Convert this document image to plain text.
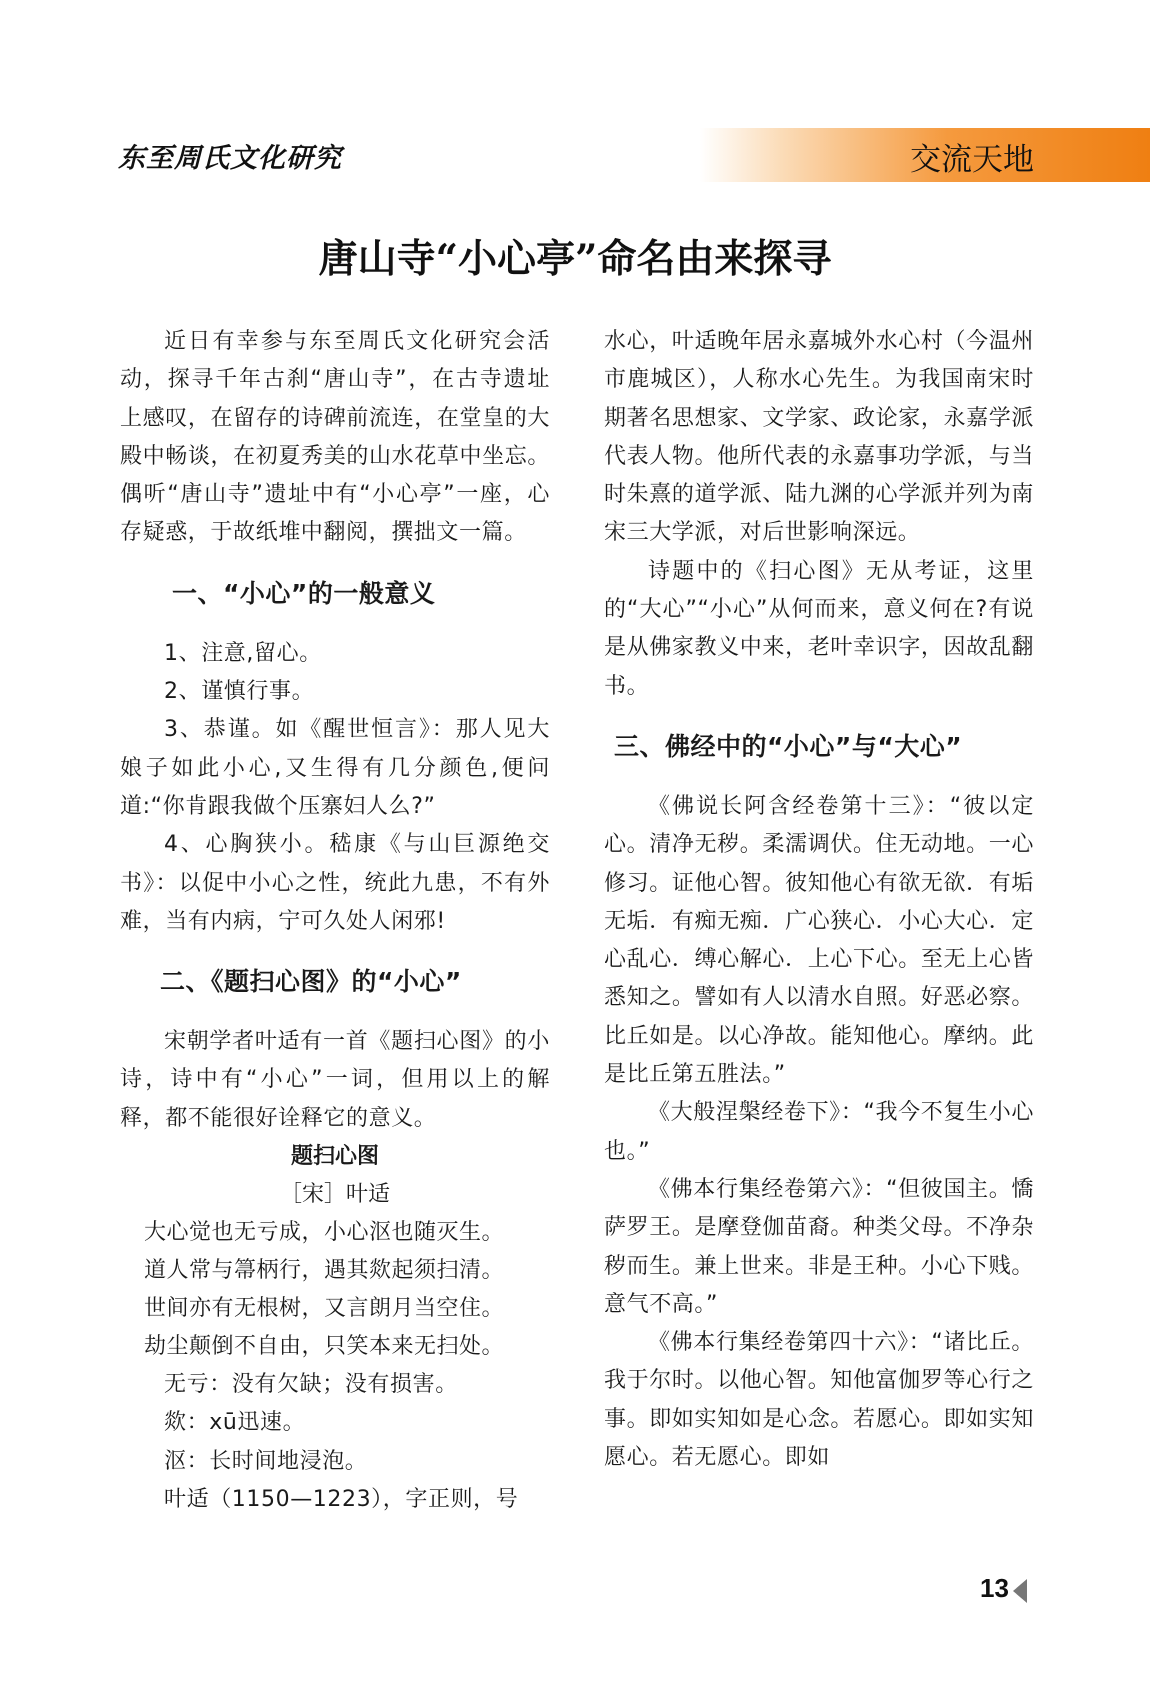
东至周氏文化研究	交流天地
唐山寺“小心亭”命名由来探寻

近日有幸参与东至周氏文化研究会活动，探寻千年古刹“唐山寺”，在古寺遗址上感叹，在留存的诗碑前流连，在堂皇的大殿中畅谈，在初夏秀美的山水花草中坐忘。偶听“唐山寺”遗址中有“小心亭”一座，心存疑惑，于故纸堆中翻阅，撰拙文一篇。

一、“小心”的一般意义

1、注意,留心。

2、谨慎行事。

3、恭谨。如《醒世恒言》：那人见大娘子如此小心,又生得有几分颜色,便问道:“你肯跟我做个压寨妇人么?”

4、心胸狭小。嵇康《与山巨源绝交书》：以促中小心之性，统此九患，不有外难，当有内病，宁可久处人闲邪!

二、《题扫心图》的“小心”

宋朝学者叶适有一首《题扫心图》的小诗，诗中有“小心”一词，但用以上的解释，都不能很好诠释它的意义。

题扫心图
［宋］叶适
大心觉也无亏成，小心沤也随灭生。
道人常与箒柄行，遇其欻起须扫清。
世间亦有无根树，又言朗月当空住。
劫尘颠倒不自由，只笑本来无扫处。

无亏：没有欠缺；没有损害。

欻：xū迅速。

沤：长时间地浸泡。

叶适（1150—1223），字正则，号

水心，叶适晚年居永嘉城外水心村（今温州市鹿城区），人称水心先生。为我国南宋时期著名思想家、文学家、政论家，永嘉学派代表人物。他所代表的永嘉事功学派，与当时朱熹的道学派、陆九渊的心学派并列为南宋三大学派，对后世影响深远。

诗题中的《扫心图》无从考证，这里的“大心”“小心”从何而来，意义何在?有说是从佛家教义中来，老叶幸识字，因故乱翻书。

三、佛经中的“小心”与“大心”

《佛说长阿含经卷第十三》：“彼以定心。清净无秽。柔濡调伏。住无动地。一心修习。证他心智。彼知他心有欲无欲．有垢无垢．有痴无痴．广心狭心．小心大心．定心乱心．缚心解心．上心下心。至无上心皆悉知之。譬如有人以清水自照。好恶必察。比丘如是。以心净故。能知他心。摩纳。此是比丘第五胜法。”

《大般涅槃经卷下》：“我今不复生小心也。”

《佛本行集经卷第六》：“但彼国主。憍萨罗王。是摩登伽苗裔。种类父母。不净杂秽而生。兼上世来。非是王种。小心下贱。意气不高。”

《佛本行集经卷第四十六》：“诸比丘。我于尔时。以他心智。知他富伽罗等心行之事。即如实知如是心念。若愿心。即如实知愿心。若无愿心。即如

13
